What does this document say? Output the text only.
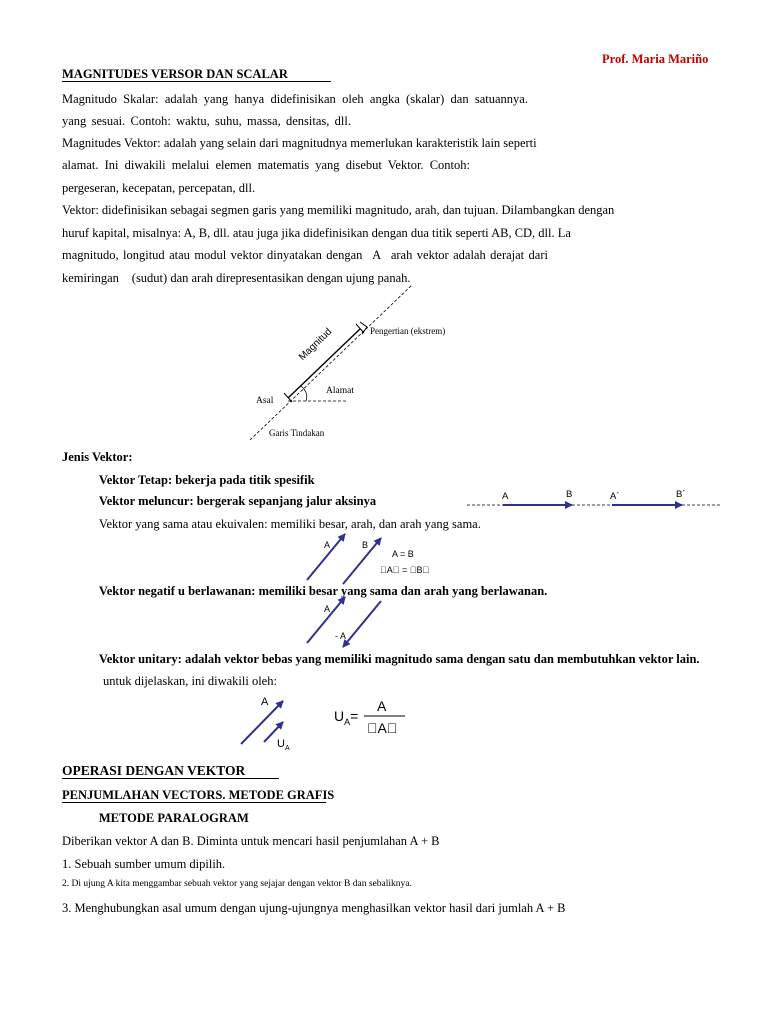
Prof. Maria Mariño
MAGNITUDES VERSOR DAN SCALAR
Magnitudo Skalar: adalah yang hanya didefinisikan oleh angka (skalar) dan satuannya.
yang sesuai. Contoh: waktu, suhu, massa, densitas, dll.
Magnitudes Vektor: adalah yang selain dari magnitudnya memerlukan karakteristik lain seperti
alamat. Ini diwakili melalui elemen matematis yang disebut Vektor. Contoh:
pergeseran, kecepatan, percepatan, dll.
Vektor: didefinisikan sebagai segmen garis yang memiliki magnitudo, arah, dan tujuan. Dilambangkan dengan
huruf kapital, misalnya: A, B, dll. atau juga jika didefinisikan dengan dua titik seperti AB, CD, dll. La
magnitudo, longitud atau modul vektor dinyatakan dengan A arah vektor adalah derajat dari
kemiringan (sudut) dan arah direpresentasikan dengan ujung panah.
Magnitud	Pengertian (ekstrem)
Alamat
Asal
Garis Tindakan
Jenis Vektor:
Vektor Tetap: bekerja pada titik spesifik
Vektor meluncur: bergerak sepanjang jalur aksinya
Vektor yang sama atau ekuivalen: memiliki besar, arah, dan arah yang sama.
Vektor negatif u berlawanan: memiliki besar yang sama dan arah yang berlawanan.
Vektor unitary: adalah vektor bebas yang memiliki magnitudo sama dengan satu dan membutuhkan vektor lain.
untuk dijelaskan, ini diwakili oleh:
A	B	A´	B´
A	B
A = B
A = B
A
- A
A
$U_A$
$U_A=$
A
A
OPERASI DENGAN VEKTOR
PENJUMLAHAN VECTORS. METODE GRAFIS
METODE PARALOGRAM
Diberikan vektor A dan B. Diminta untuk mencari hasil penjumlahan A + B
1. Sebuah sumber umum dipilih.
2. Di ujung A kita menggambar sebuah vektor yang sejajar dengan vektor B dan sebaliknya.
3. Menghubungkan asal umum dengan ujung-ujungnya menghasilkan vektor hasil dari jumlah A + B
